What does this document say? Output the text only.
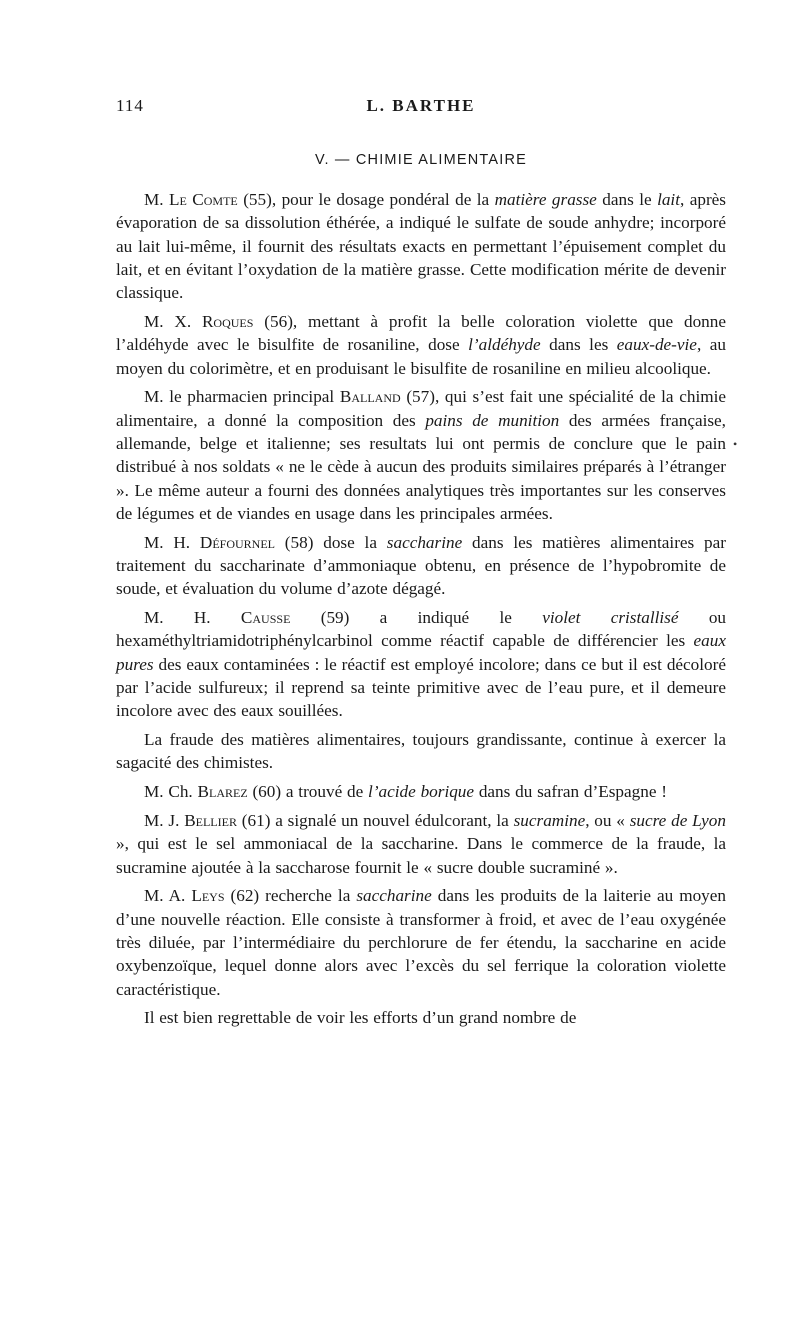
114	L. BARTHE
V. — CHIMIE ALIMENTAIRE
•

M. Le Comte (55), pour le dosage pondéral de la matière grasse dans le lait, après évaporation de sa dissolution éthérée, a indiqué le sulfate de soude anhydre; incorporé au lait lui-même, il fournit des résultats exacts en permettant l’épuisement complet du lait, et en évitant l’oxydation de la matière grasse. Cette modification mérite de devenir classique.

M. X. Roques (56), mettant à profit la belle coloration violette que donne l’aldéhyde avec le bisulfite de rosaniline, dose l’aldéhyde dans les eaux-de-vie, au moyen du colorimètre, et en produisant le bisulfite de rosaniline en milieu alcoolique.

M. le pharmacien principal Balland (57), qui s’est fait une spécialité de la chimie alimentaire, a donné la composition des pains de munition des armées française, allemande, belge et italienne; ses resultats lui ont permis de conclure que le pain distribué à nos soldats « ne le cède à aucun des produits similaires préparés à l’étranger ». Le même auteur a fourni des données analytiques très importantes sur les conserves de légumes et de viandes en usage dans les principales armées.

M. H. Défournel (58) dose la saccharine dans les matières alimentaires par traitement du saccharinate d’ammoniaque obtenu, en présence de l’hypobromite de soude, et évaluation du volume d’azote dégagé.

M. H. Causse (59) a indiqué le violet cristallisé ou hexaméthyltriamidotriphénylcarbinol comme réactif capable de différencier les eaux pures des eaux contaminées : le réactif est employé incolore; dans ce but il est décoloré par l’acide sulfureux; il reprend sa teinte primitive avec de l’eau pure, et il demeure incolore avec des eaux souillées.

La fraude des matières alimentaires, toujours grandissante, continue à exercer la sagacité des chimistes.

M. Ch. Blarez (60) a trouvé de l’acide borique dans du safran d’Espagne !

M. J. Bellier (61) a signalé un nouvel édulcorant, la sucramine, ou « sucre de Lyon », qui est le sel ammoniacal de la saccharine. Dans le commerce de la fraude, la sucramine ajoutée à la saccharose fournit le « sucre double sucraminé ».

M. A. Leys (62) recherche la saccharine dans les produits de la laiterie au moyen d’une nouvelle réaction. Elle consiste à transformer à froid, et avec de l’eau oxygénée très diluée, par l’intermédiaire du perchlorure de fer étendu, la saccharine en acide oxybenzoïque, lequel donne alors avec l’excès du sel ferrique la coloration violette caractéristique.

Il est bien regrettable de voir les efforts d’un grand nombre de
